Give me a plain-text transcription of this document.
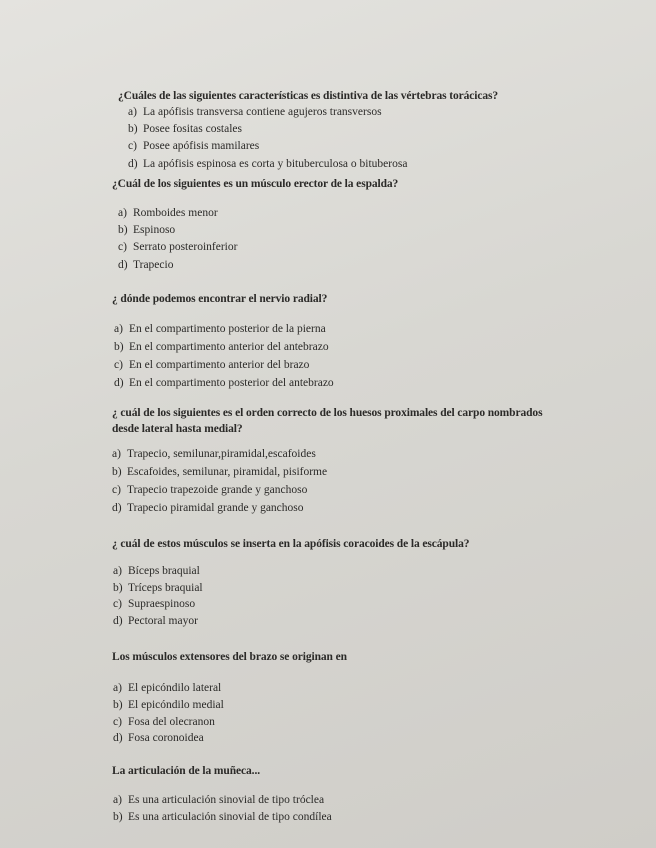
¿Cuáles de las siguientes características es distintiva de las vértebras torácicas?
a) La apófisis transversa contiene agujeros transversos
b) Posee fositas costales
c) Posee apófisis mamilares
d) La apófisis espinosa es corta y bituberculosa o bituberosa
¿Cuál de los siguientes es un músculo erector de la espalda?
a) Romboides menor
b) Espinoso
c) Serrato posteroinferior
d) Trapecio
¿ dónde podemos encontrar el nervio radial?
a) En el compartimento posterior de la pierna
b) En el compartimento anterior del antebrazo
c) En el compartimento anterior del brazo
d) En el compartimento posterior del antebrazo
¿ cuál de los siguientes es el orden correcto de los huesos proximales del carpo nombrados desde lateral hasta medial?
a) Trapecio, semilunar,piramidal,escafoides
b) Escafoides, semilunar, piramidal, pisiforme
c) Trapecio trapezoide grande y ganchoso
d) Trapecio piramidal grande y ganchoso
¿ cuál de estos músculos se inserta en la apófisis coracoides de la escápula?
a) Bíceps braquial
b) Tríceps braquial
c) Supraespinoso
d) Pectoral mayor
Los músculos extensores del brazo se originan en
a) El epicóndilo lateral
b) El epicóndilo medial
c) Fosa del olecranon
d) Fosa coronoidea
La articulación de la muñeca...
a) Es una articulación sinovial de tipo tróclea
b) Es una articulación sinovial de tipo condílea
